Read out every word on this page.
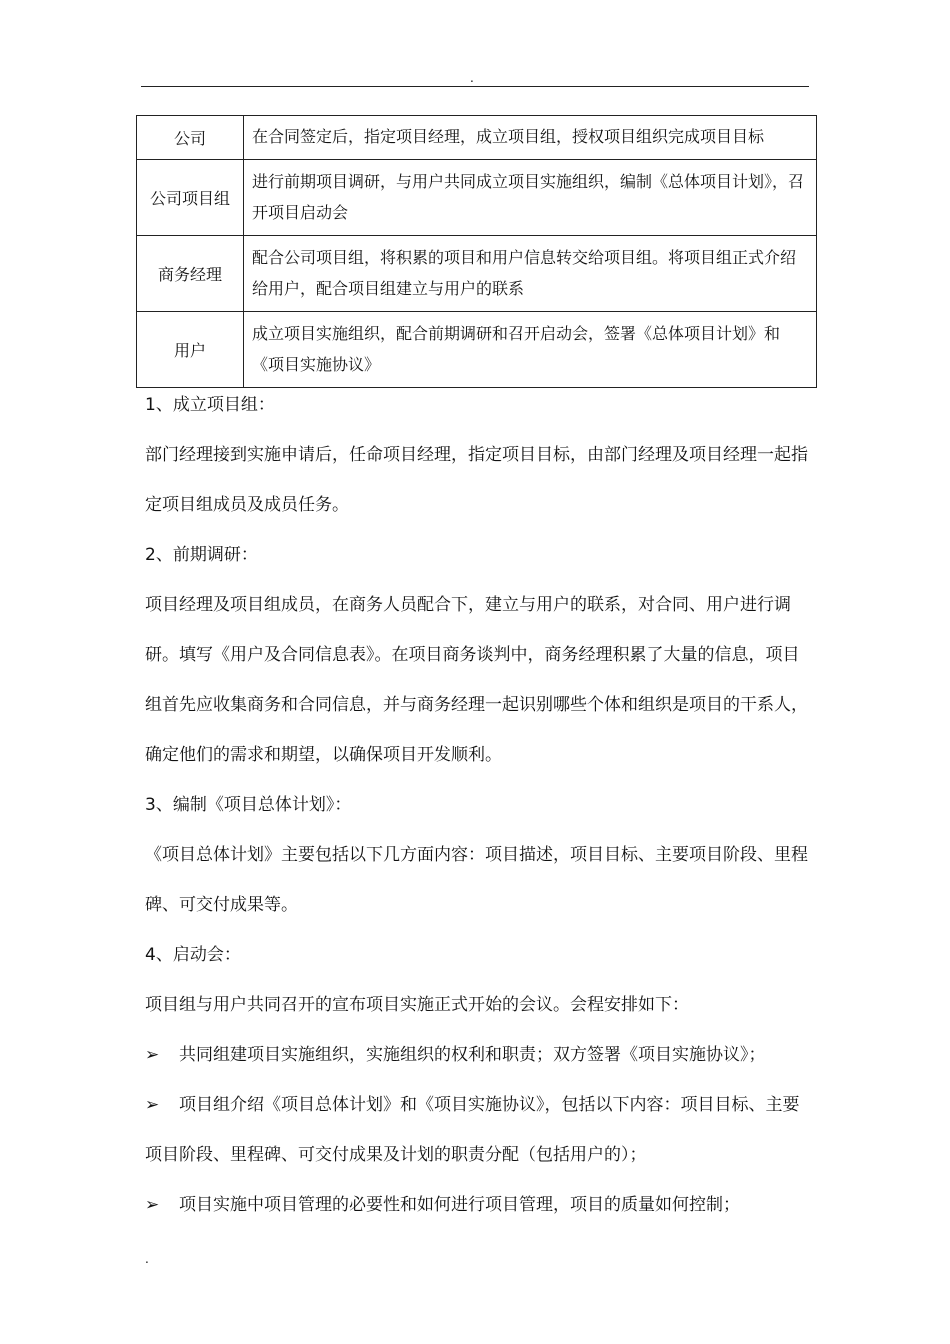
.
公司	在合同签定后，指定项目经理，成立项目组，授权项目组织完成项目目标
公司项目组	进行前期项目调研，与用户共同成立项目实施组织，编制《总体项目计划》，召开项目启动会
商务经理	配合公司项目组，将积累的项目和用户信息转交给项目组。将项目组正式介绍给用户，配合项目组建立与用户的联系
用户	成立项目实施组织，配合前期调研和召开启动会，签署《总体项目计划》和《项目实施协议》

1、成立项目组：

部门经理接到实施申请后，任命项目经理，指定项目目标，由部门经理及项目经理一起指定项目组成员及成员任务。

2、前期调研：

项目经理及项目组成员，在商务人员配合下，建立与用户的联系，对合同、用户进行调研。填写《用户及合同信息表》。在项目商务谈判中，商务经理积累了大量的信息，项目组首先应收集商务和合同信息，并与商务经理一起识别哪些个体和组织是项目的干系人，确定他们的需求和期望，以确保项目开发顺利。

3、编制《项目总体计划》：

《项目总体计划》主要包括以下几方面内容：项目描述，项目目标、主要项目阶段、里程碑、可交付成果等。

4、启动会：

项目组与用户共同召开的宣布项目实施正式开始的会议。会程安排如下：

➢	共同组建项目实施组织，实施组织的权利和职责；双方签署《项目实施协议》；
➢ 项目组介绍《项目总体计划》和《项目实施协议》，包括以下内容：项目目标、主要项目阶段、里程碑、可交付成果及计划的职责分配（包括用户的）；
➢	项目实施中项目管理的必要性和如何进行项目管理，项目的质量如何控制；
.
